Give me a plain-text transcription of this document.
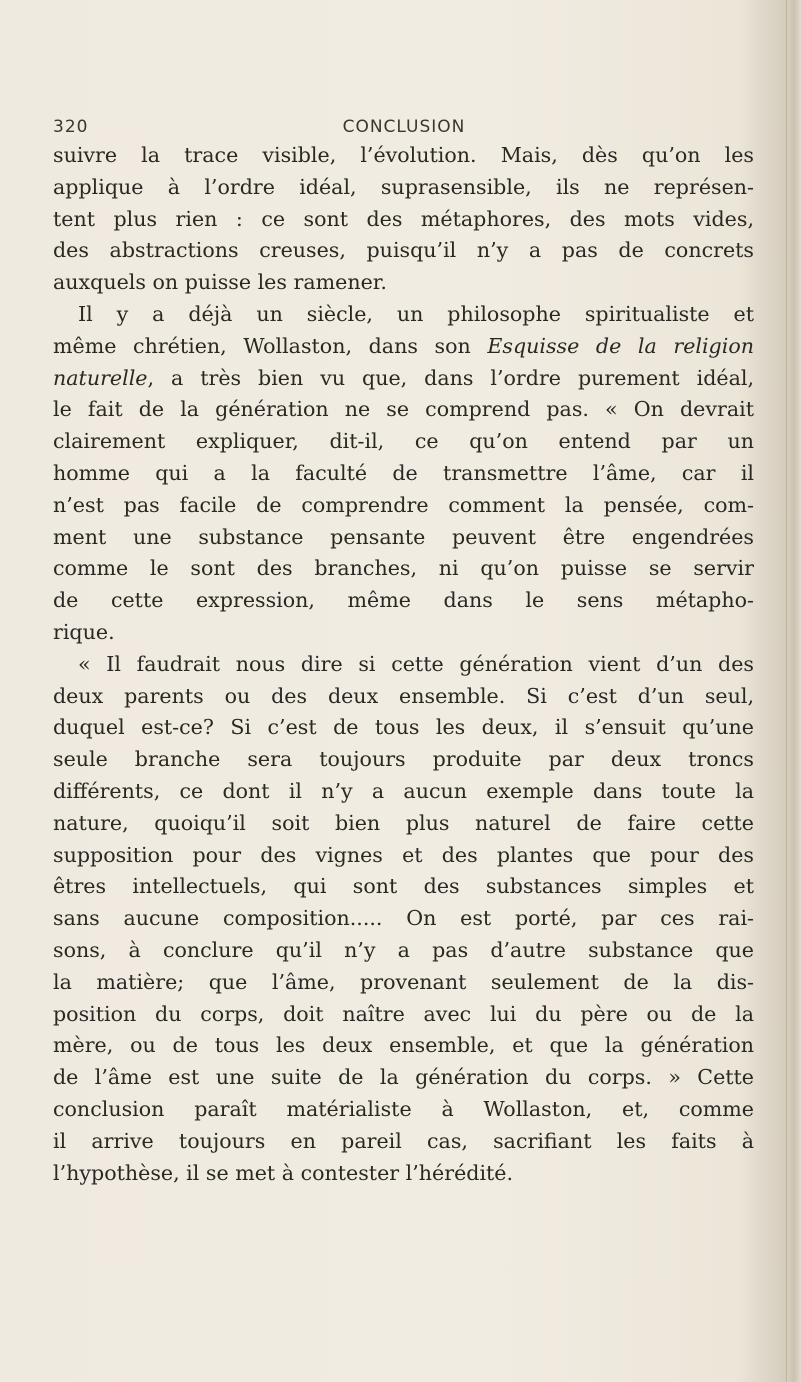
320	CONCLUSION
suivre la trace visible, l’évolution. Mais, dès qu’on les
applique à l’ordre idéal, suprasensible, ils ne représen-
tent plus rien : ce sont des métaphores, des mots vides,
des abstractions creuses, puisqu’il n’y a pas de concrets
auxquels on puisse les ramener.
Il y a déjà un siècle, un philosophe spiritualiste et
même chrétien, Wollaston, dans son Esquisse de la religion
naturelle, a très bien vu que, dans l’ordre purement idéal,
le fait de la génération ne se comprend pas. « On devrait
clairement expliquer, dit-il, ce qu’on entend par un
homme qui a la faculté de transmettre l’âme, car il
n’est pas facile de comprendre comment la pensée, com-
ment une substance pensante peuvent être engendrées
comme le sont des branches, ni qu’on puisse se servir
de cette expression, même dans le sens métapho-
rique.
« Il faudrait nous dire si cette génération vient d’un des
deux parents ou des deux ensemble. Si c’est d’un seul,
duquel est-ce? Si c’est de tous les deux, il s’ensuit qu’une
seule branche sera toujours produite par deux troncs
différents, ce dont il n’y a aucun exemple dans toute la
nature, quoiqu’il soit bien plus naturel de faire cette
supposition pour des vignes et des plantes que pour des
êtres intellectuels, qui sont des substances simples et
sans aucune composition..... On est porté, par ces rai-
sons, à conclure qu’il n’y a pas d’autre substance que
la matière; que l’âme, provenant seulement de la dis-
position du corps, doit naître avec lui du père ou de la
mère, ou de tous les deux ensemble, et que la génération
de l’âme est une suite de la génération du corps. » Cette
conclusion paraît matérialiste à Wollaston, et, comme
il arrive toujours en pareil cas, sacrifiant les faits à
l’hypothèse, il se met à contester l’hérédité.
